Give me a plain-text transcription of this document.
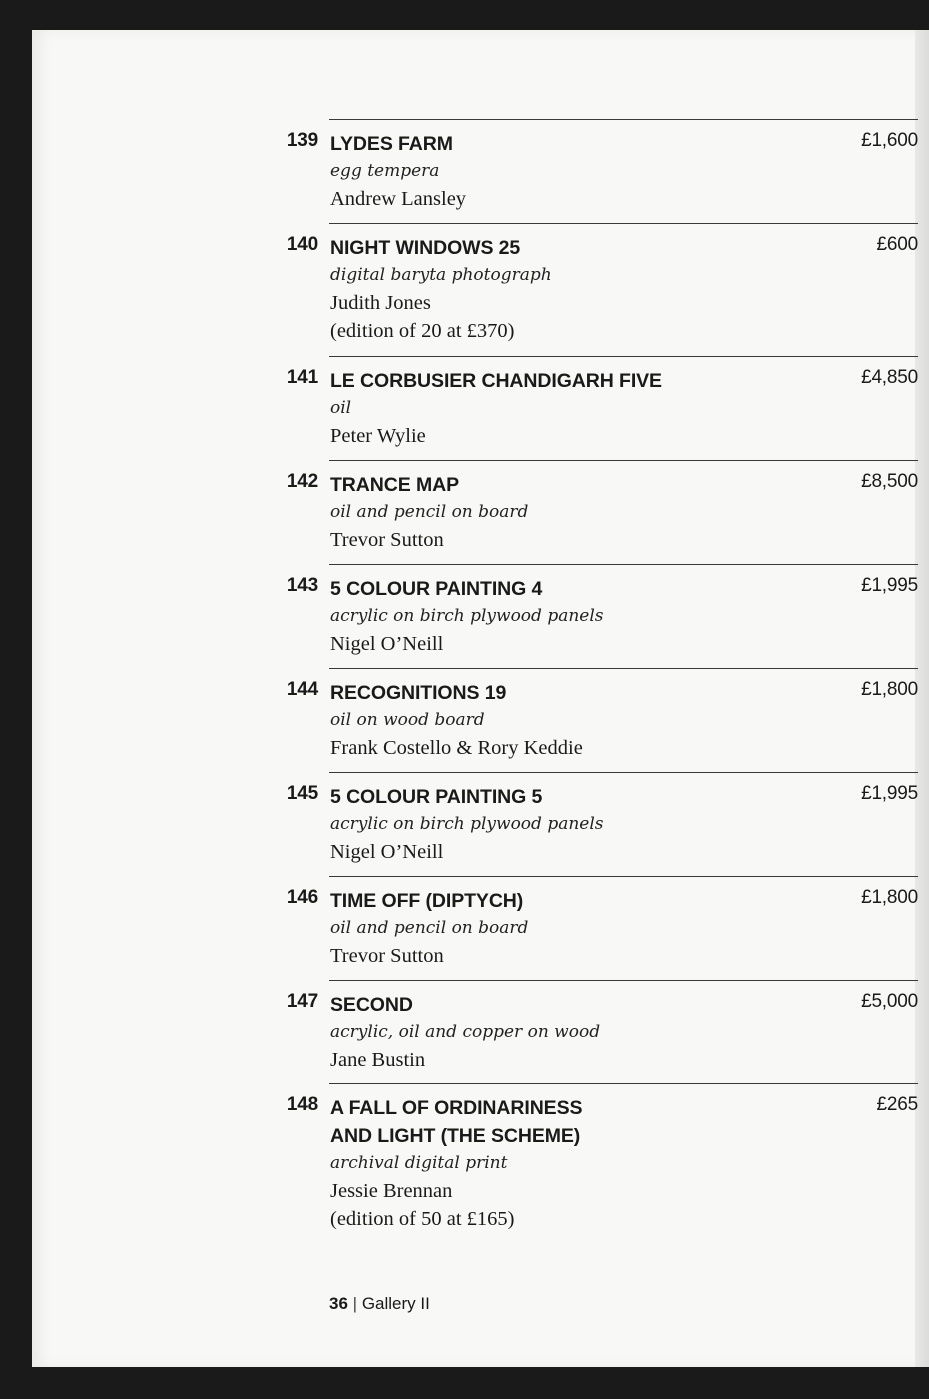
139 LYDES FARM
egg tempera
Andrew Lansley
£1,600
140 NIGHT WINDOWS 25
digital baryta photograph
Judith Jones
(edition of 20 at £370)
£600
141 LE CORBUSIER CHANDIGARH FIVE
oil
Peter Wylie
£4,850
142 TRANCE MAP
oil and pencil on board
Trevor Sutton
£8,500
143 5 COLOUR PAINTING 4
acrylic on birch plywood panels
Nigel O’Neill
£1,995
144 RECOGNITIONS 19
oil on wood board
Frank Costello & Rory Keddie
£1,800
145 5 COLOUR PAINTING 5
acrylic on birch plywood panels
Nigel O’Neill
£1,995
146 TIME OFF (DIPTYCH)
oil and pencil on board
Trevor Sutton
£1,800
147 SECOND
acrylic, oil and copper on wood
Jane Bustin
£5,000
148 A FALL OF ORDINARINESS
AND LIGHT (THE SCHEME)
archival digital print
Jessie Brennan
(edition of 50 at £165)
£265
36 | Gallery II
